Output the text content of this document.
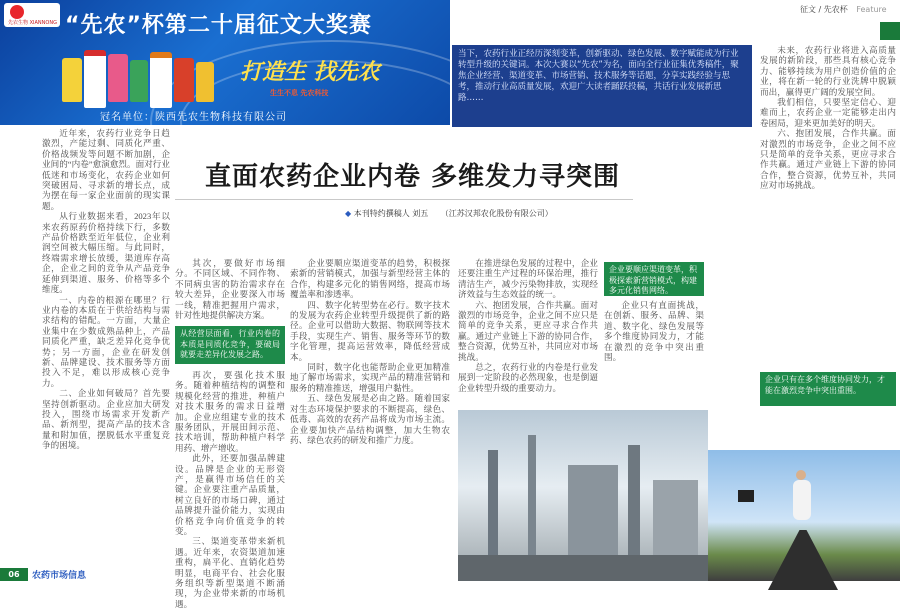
先农生物 XIANNONG “先农”杯第二十届征文大奖赛
打造生 找先农
生生不息 先农科技
冠名单位：陕西先农生物科技有限公司
当下，农药行业正经历深刻变革，创新驱动、绿色发展、数字赋能成为行业转型升级的关键词。本次大赛以“先农”为名，面向全行业征集优秀稿件，聚焦企业经营、渠道变革、市场营销、技术服务等话题，分享实践经验与思考，推动行业高质量发展，欢迎广大读者踊跃投稿，共话行业发展新思路……
征文 / 先农杯 Feature

近年来，农药行业竞争日趋激烈，产能过剩、同质化严重、价格战频发等问题不断加剧，企业间的“内卷”愈演愈烈。面对行业低迷和市场变化，农药企业如何突破困局、寻求新的增长点，成为摆在每一家企业面前的现实课题。

从行业数据来看，2023年以来农药原药价格持续下行，多数产品价格跌至近年低位，企业利润空间被大幅压缩。与此同时，终端需求增长放缓，渠道库存高企，企业之间的竞争从产品竞争延伸到渠道、服务、价格等多个维度。

一、内卷的根源在哪里？行业内卷的本质在于供给结构与需求结构的错配。一方面，大量企业集中在少数成熟品种上，产品同质化严重，缺乏差异化竞争优势；另一方面，企业在研发创新、品牌建设、技术服务等方面投入不足，难以形成核心竞争力。

二、企业如何破局？首先要坚持创新驱动。企业应加大研发投入，围绕市场需求开发新产品、新剂型，提高产品的技术含量和附加值，摆脱低水平重复竞争的困境。

直面农药企业内卷 多维发力寻突围
◆ 本刊特约撰稿人 刘五 （江苏汉邦农化股份有限公司）

其次，要做好市场细分。不同区域、不同作物、不同病虫害的防治需求存在较大差异，企业要深入市场一线，精准把握用户需求，针对性地提供解决方案。

从经营层面看，行业内卷的本质是同质化竞争，要破局就要走差异化发展之路。

再次，要强化技术服务。随着种植结构的调整和规模化经营的推进，种植户对技术服务的需求日益增加。企业应组建专业的技术服务团队，开展田间示范、技术培训，帮助种植户科学用药、增产增收。

此外，还要加强品牌建设。品牌是企业的无形资产，是赢得市场信任的关键。企业要注重产品质量，树立良好的市场口碑，通过品牌提升溢价能力，实现由价格竞争向价值竞争的转变。

三、渠道变革带来新机遇。近年来，农资渠道加速重构，扁平化、直销化趋势明显，电商平台、社会化服务组织等新型渠道不断涌现，为企业带来新的市场机遇。

企业要顺应渠道变革的趋势，积极探索新的营销模式，加强与新型经营主体的合作，构建多元化的销售网络，提高市场覆盖率和渗透率。

四、数字化转型势在必行。数字技术的发展为农药企业转型升级提供了新的路径。企业可以借助大数据、物联网等技术手段，实现生产、销售、服务等环节的数字化管理，提高运营效率，降低经营成本。

同时，数字化也能帮助企业更加精准地了解市场需求，实现产品的精准营销和服务的精准推送，增强用户黏性。

五、绿色发展是必由之路。随着国家对生态环境保护要求的不断提高，绿色、低毒、高效的农药产品将成为市场主流。企业要加快产品结构调整，加大生物农药、绿色农药的研发和推广力度。

在推进绿色发展的过程中，企业还要注重生产过程的环保治理，推行清洁生产，减少污染物排放，实现经济效益与生态效益的统一。

六、抱团发展，合作共赢。面对激烈的市场竞争，企业之间不应只是简单的竞争关系，更应寻求合作共赢。通过产业链上下游的协同合作，整合资源，优势互补，共同应对市场挑战。

总之，农药行业的内卷是行业发展到一定阶段的必然现象，也是倒逼企业转型升级的重要动力。

企业要顺应渠道变革，积极探索新营销模式，构建多元化销售网络。

企业只有直面挑战，在创新、服务、品牌、渠道、数字化、绿色发展等多个维度协同发力，才能在激烈的竞争中突出重围。

未来，农药行业将进入高质量发展的新阶段，那些具有核心竞争力、能够持续为用户创造价值的企业，将在新一轮的行业洗牌中脱颖而出，赢得更广阔的发展空间。

我们相信，只要坚定信心、迎难而上，农药企业一定能够走出内卷困局，迎来更加美好的明天。

六、抱团发展，合作共赢。面对激烈的市场竞争，企业之间不应只是简单的竞争关系，更应寻求合作共赢。通过产业链上下游的协同合作，整合资源，优势互补，共同应对市场挑战。

企业只有在多个维度协同发力，才能在激烈竞争中突出重围。
06	农药市场信息
